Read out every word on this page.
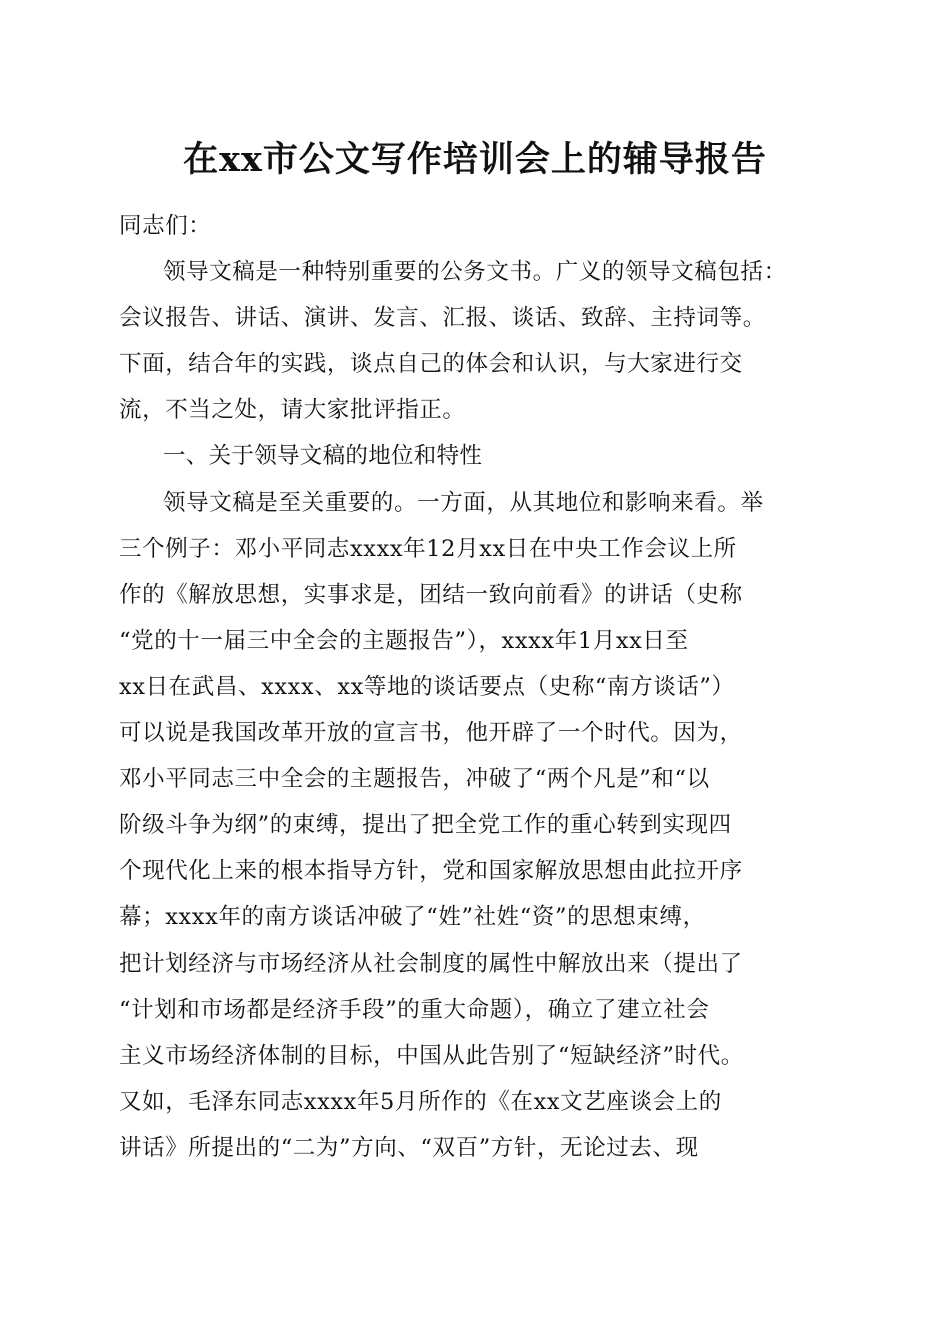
在xx市公文写作培训会上的辅导报告
同志们：
领导文稿是一种特别重要的公务文书。广义的领导文稿包括：
会议报告、讲话、演讲、发言、汇报、谈话、致辞、主持词等。
下面，结合年的实践，谈点自己的体会和认识，与大家进行交
流，不当之处，请大家批评指正。
一、关于领导文稿的地位和特性
领导文稿是至关重要的。一方面，从其地位和影响来看。举
三个例子：邓小平同志xxxx年12月xx日在中央工作会议上所
作的《解放思想，实事求是，团结一致向前看》的讲话（史称
“党的十一届三中全会的主题报告”），xxxx年1月xx日至
xx日在武昌、xxxx、xx等地的谈话要点（史称“南方谈话”）
可以说是我国改革开放的宣言书，他开辟了一个时代。因为，
邓小平同志三中全会的主题报告，冲破了“两个凡是”和“以
阶级斗争为纲”的束缚，提出了把全党工作的重心转到实现四
个现代化上来的根本指导方针，党和国家解放思想由此拉开序
幕；xxxx年的南方谈话冲破了“姓”社姓“资”的思想束缚，
把计划经济与市场经济从社会制度的属性中解放出来（提出了
“计划和市场都是经济手段”的重大命题），确立了建立社会
主义市场经济体制的目标，中国从此告别了“短缺经济”时代。
又如，毛泽东同志xxxx年5月所作的《在xx文艺座谈会上的
讲话》所提出的“二为”方向、“双百”方针，无论过去、现
